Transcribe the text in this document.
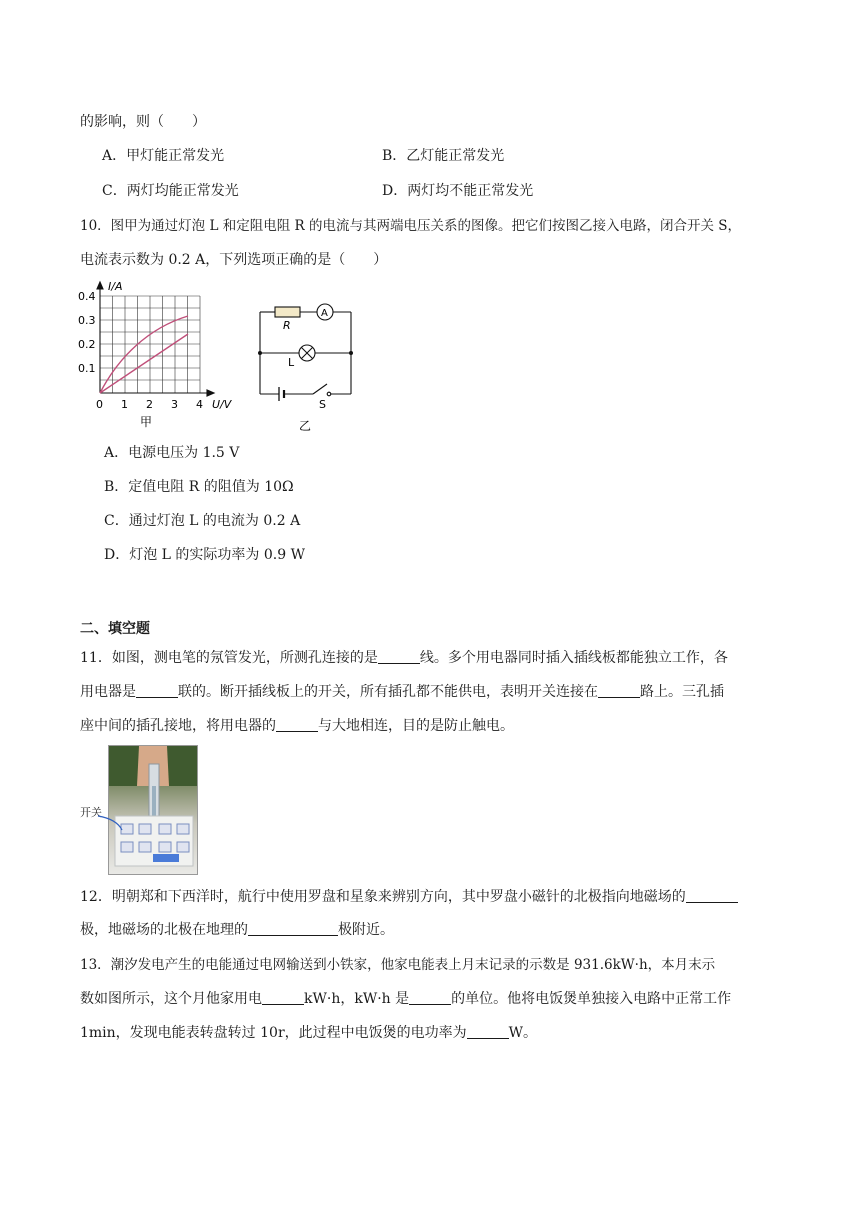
的影响，则（　　）
A．甲灯能正常发光	B．乙灯能正常发光
C．两灯均能正常发光	D．两灯均不能正常发光
10．图甲为通过灯泡 L 和定阻电阻 R 的电流与其两端电压关系的图像。把它们按图乙接入电路，闭合开关 S，
电流表示数为 0.2 A，下列选项正确的是（　　）
I/A
0.4
0.3
0.2
0.1
0 1 2 3 4 U/V
甲
R
A
L
S
乙
A．电源电压为 1.5 V
B．定值电阻 R 的阻值为 10Ω
C．通过灯泡 L 的电流为 0.2 A
D．灯泡 L 的实际功率为 0.9 W
二、填空题
11．如图，测电笔的氖管发光，所测孔连接的是	线。多个用电器同时插入插线板都能独立工作，各
用电器是	联的。断开插线板上的开关，所有插孔都不能供电，表明开关连接在	路上。三孔插
座中间的插孔接地，将用电器的	与大地相连，目的是防止触电。
开关
12．明朝郑和下西洋时，航行中使用罗盘和星象来辨别方向，其中罗盘小磁针的北极指向地磁场的
极，地磁场的北极在地理的	极附近。
13．潮汐发电产生的电能通过电网输送到小铁家，他家电能表上月末记录的示数是 931.6kW·h，本月末示
数如图所示，这个月他家用电	kW·h，kW·h 是	的单位。他将电饭煲单独接入电路中正常工作
1min，发现电能表转盘转过 10r，此过程中电饭煲的电功率为	W。
